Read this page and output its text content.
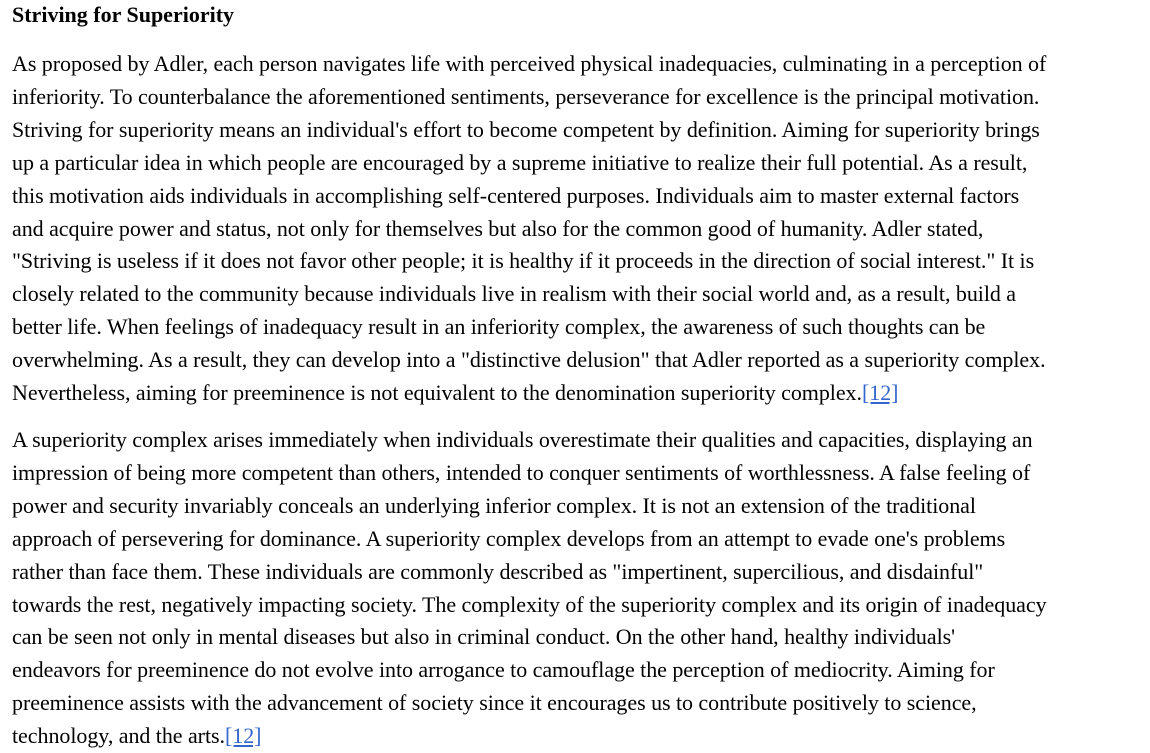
Striving for Superiority

As proposed by Adler, each person navigates life with perceived physical inadequacies, culminating in a perception of
inferiority. To counterbalance the aforementioned sentiments, perseverance for excellence is the principal motivation.
Striving for superiority means an individual's effort to become competent by definition. Aiming for superiority brings
up a particular idea in which people are encouraged by a supreme initiative to realize their full potential. As a result,
this motivation aids individuals in accomplishing self-centered purposes. Individuals aim to master external factors
and acquire power and status, not only for themselves but also for the common good of humanity. Adler stated,
"Striving is useless if it does not favor other people; it is healthy if it proceeds in the direction of social interest." It is
closely related to the community because individuals live in realism with their social world and, as a result, build a
better life. When feelings of inadequacy result in an inferiority complex, the awareness of such thoughts can be
overwhelming. As a result, they can develop into a "distinctive delusion" that Adler reported as a superiority complex.
Nevertheless, aiming for preeminence is not equivalent to the denomination superiority complex.[12]

A superiority complex arises immediately when individuals overestimate their qualities and capacities, displaying an
impression of being more competent than others, intended to conquer sentiments of worthlessness. A false feeling of
power and security invariably conceals an underlying inferior complex. It is not an extension of the traditional
approach of persevering for dominance. A superiority complex develops from an attempt to evade one's problems
rather than face them. These individuals are commonly described as "impertinent, supercilious, and disdainful"
towards the rest, negatively impacting society. The complexity of the superiority complex and its origin of inadequacy
can be seen not only in mental diseases but also in criminal conduct. On the other hand, healthy individuals'
endeavors for preeminence do not evolve into arrogance to camouflage the perception of mediocrity. Aiming for
preeminence assists with the advancement of society since it encourages us to contribute positively to science,
technology, and the arts.[12]
